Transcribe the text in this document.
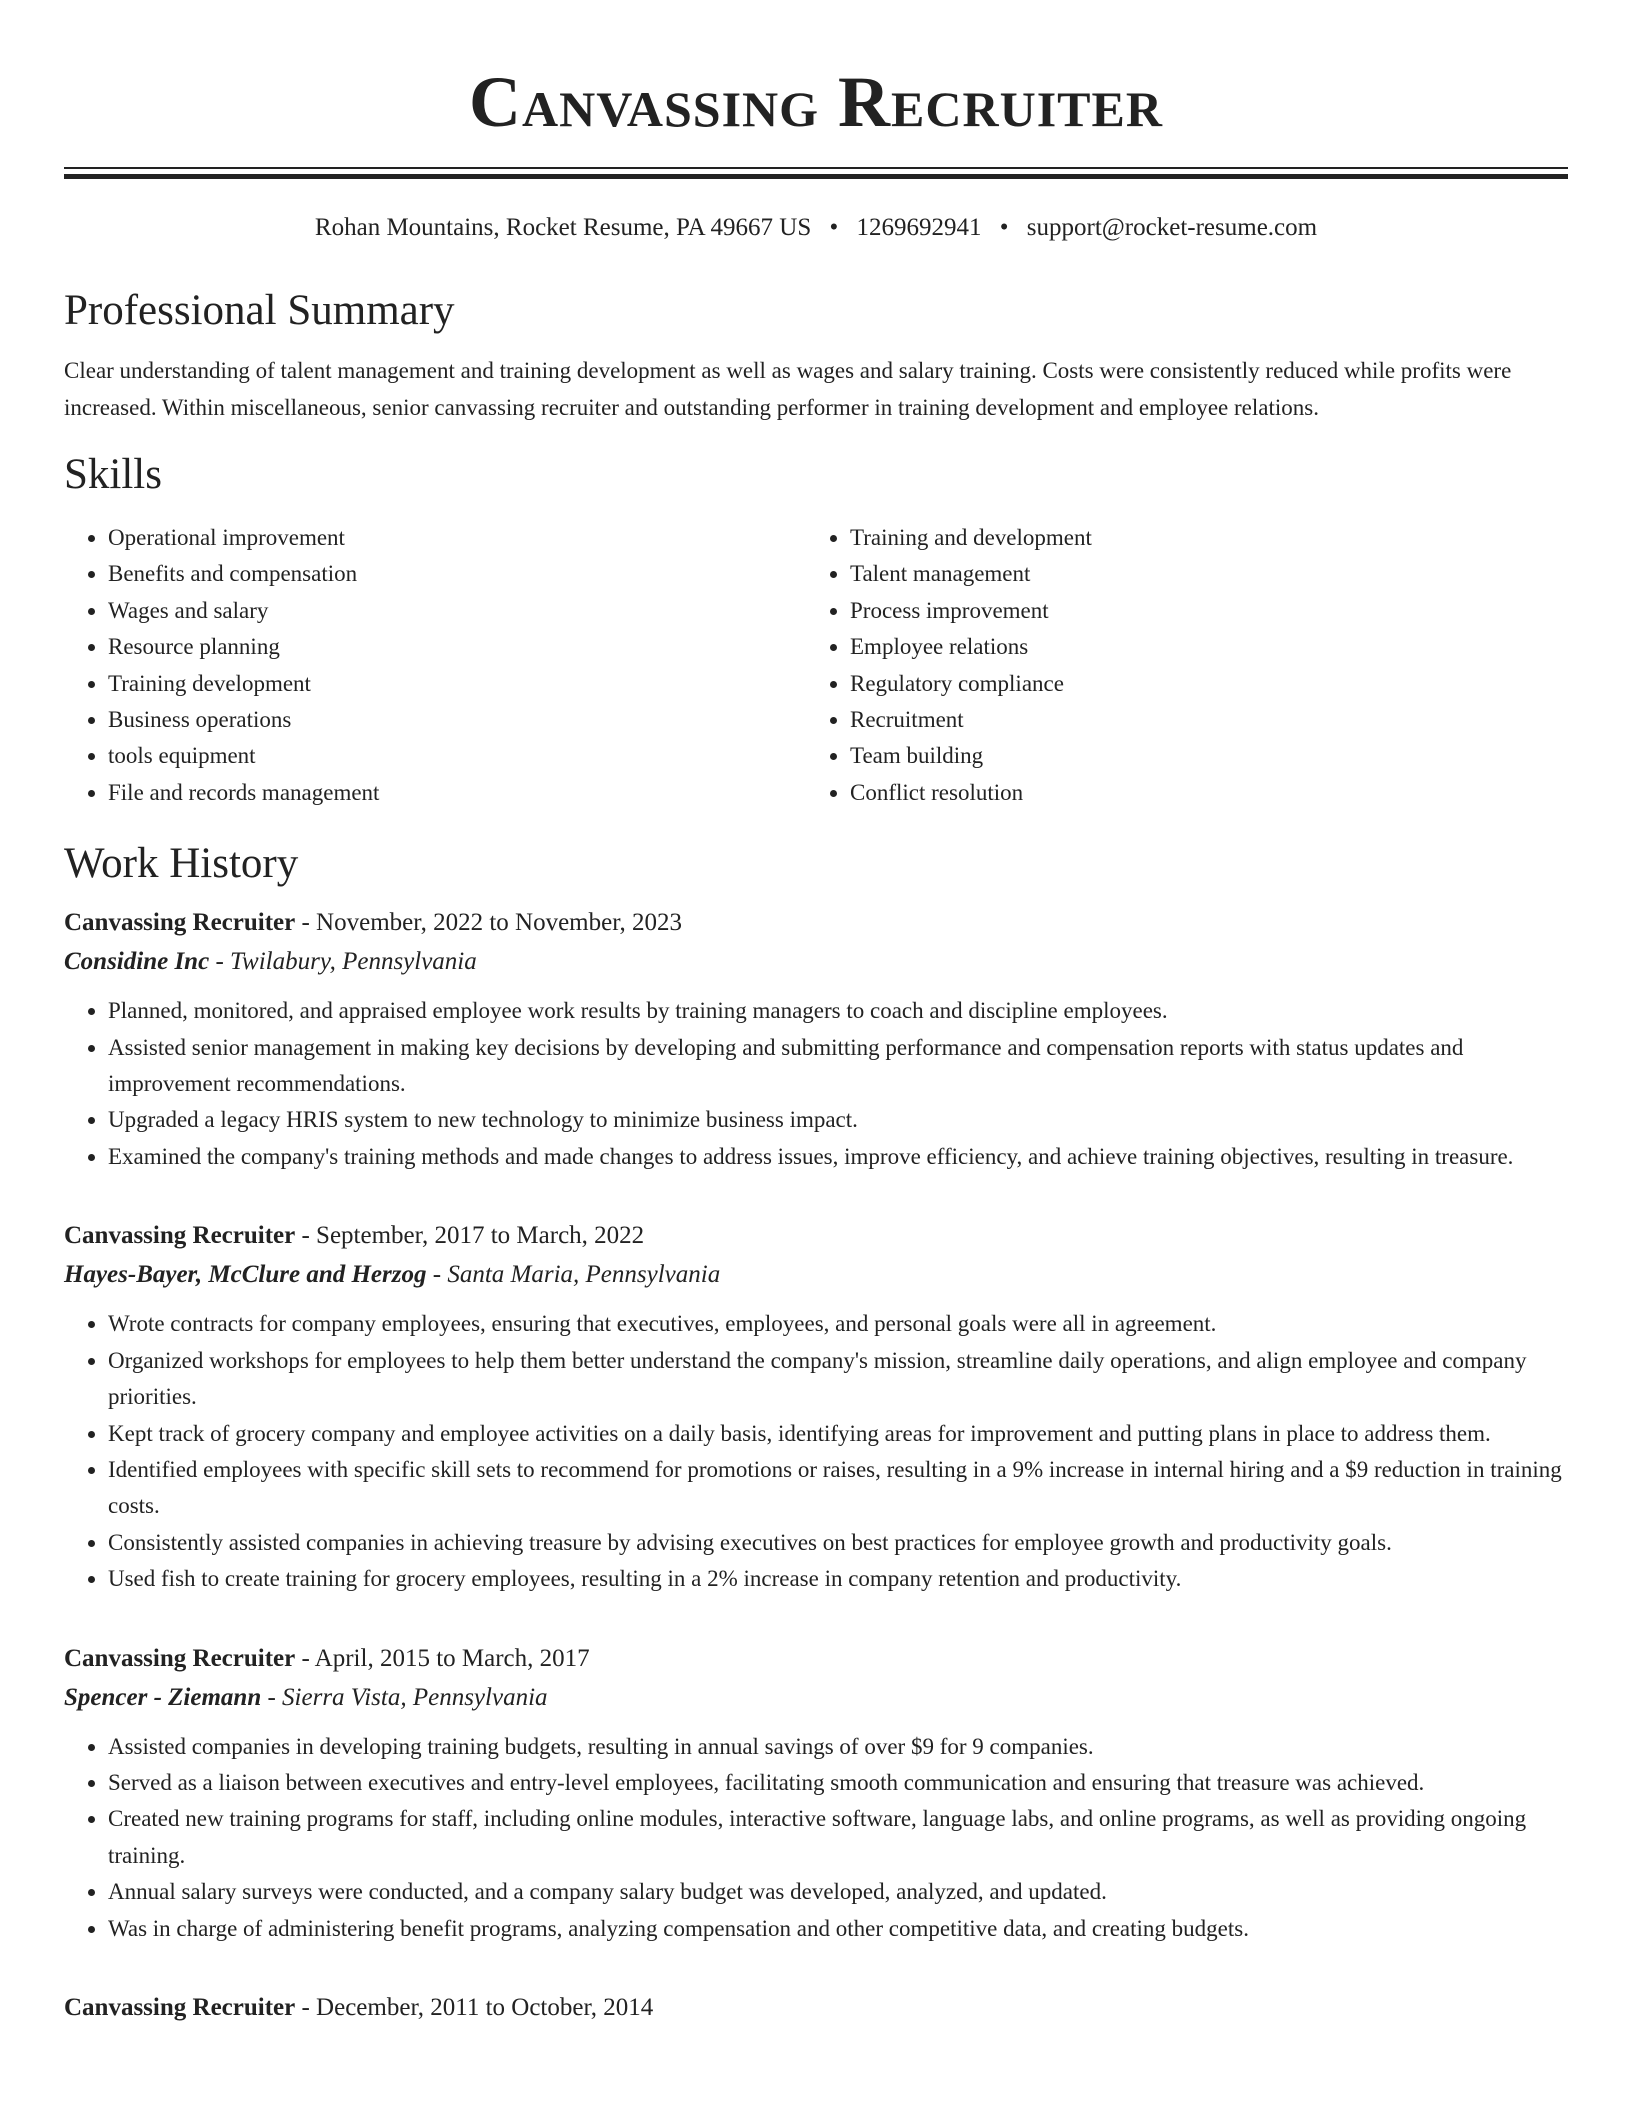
Canvassing Recruiter
Rohan Mountains, Rocket Resume, PA 49667 US • 1269692941 • support@rocket-resume.com
Professional Summary

Clear understanding of talent management and training development as well as wages and salary training. Costs were consistently reduced while profits were increased. Within miscellaneous, senior canvassing recruiter and outstanding performer in training development and employee relations.

Skills
• Operational improvement
• Benefits and compensation
• Wages and salary
• Resource planning
• Training development
• Business operations
• tools equipment
• File and records management
• Training and development
• Talent management
• Process improvement
• Employee relations
• Regulatory compliance
• Recruitment
• Team building
• Conflict resolution
Work History
Canvassing Recruiter - November, 2022 to November, 2023
Considine Inc - Twilabury, Pennsylvania
• Planned, monitored, and appraised employee work results by training managers to coach and discipline employees.
• Assisted senior management in making key decisions by developing and submitting performance and compensation reports with status updates and improvement recommendations.
• Upgraded a legacy HRIS system to new technology to minimize business impact.
• Examined the company's training methods and made changes to address issues, improve efficiency, and achieve training objectives, resulting in treasure.
Canvassing Recruiter - September, 2017 to March, 2022
Hayes-Bayer, McClure and Herzog - Santa Maria, Pennsylvania
• Wrote contracts for company employees, ensuring that executives, employees, and personal goals were all in agreement.
• Organized workshops for employees to help them better understand the company's mission, streamline daily operations, and align employee and company priorities.
• Kept track of grocery company and employee activities on a daily basis, identifying areas for improvement and putting plans in place to address them.
• Identified employees with specific skill sets to recommend for promotions or raises, resulting in a 9% increase in internal hiring and a $9 reduction in training costs.
• Consistently assisted companies in achieving treasure by advising executives on best practices for employee growth and productivity goals.
• Used fish to create training for grocery employees, resulting in a 2% increase in company retention and productivity.
Canvassing Recruiter - April, 2015 to March, 2017
Spencer - Ziemann - Sierra Vista, Pennsylvania
• Assisted companies in developing training budgets, resulting in annual savings of over $9 for 9 companies.
• Served as a liaison between executives and entry-level employees, facilitating smooth communication and ensuring that treasure was achieved.
• Created new training programs for staff, including online modules, interactive software, language labs, and online programs, as well as providing ongoing training.
• Annual salary surveys were conducted, and a company salary budget was developed, analyzed, and updated.
• Was in charge of administering benefit programs, analyzing compensation and other competitive data, and creating budgets.
Canvassing Recruiter - December, 2011 to October, 2014
